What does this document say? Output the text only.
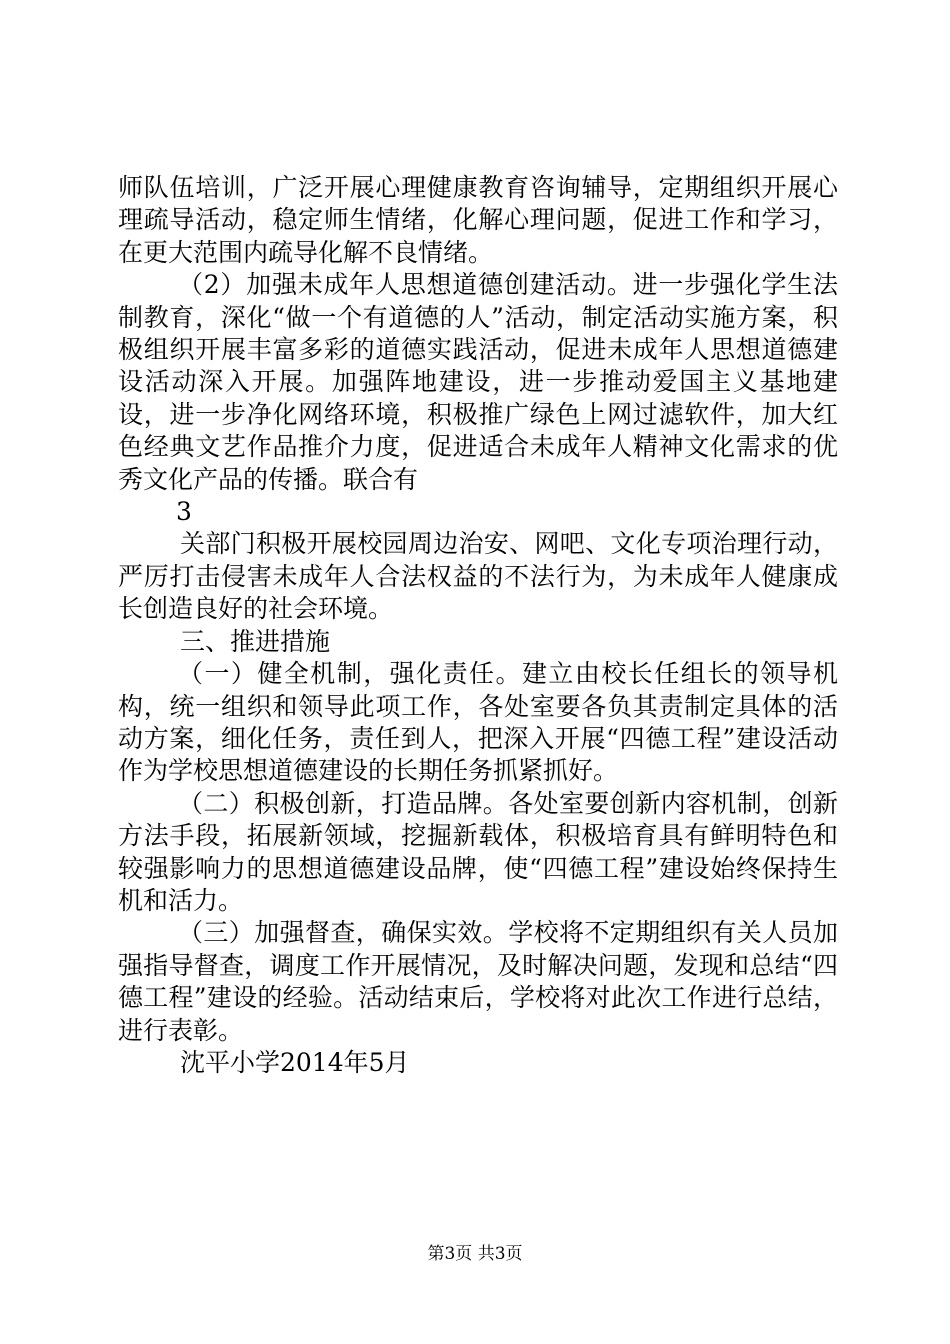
师队伍培训，广泛开展心理健康教育咨询辅导，定期组织开展心理疏导活动，稳定师生情绪，化解心理问题，促进工作和学习，在更大范围内疏导化解不良情绪。

（2）加强未成年人思想道德创建活动。进一步强化学生法制教育，深化“做一个有道德的人”活动，制定活动实施方案，积极组织开展丰富多彩的道德实践活动，促进未成年人思想道德建设活动深入开展。加强阵地建设，进一步推动爱国主义基地建设，进一步净化网络环境，积极推广绿色上网过滤软件，加大红色经典文艺作品推介力度，促进适合未成年人精神文化需求的优秀文化产品的传播。联合有

3

关部门积极开展校园周边治安、网吧、文化专项治理行动，严厉打击侵害未成年人合法权益的不法行为，为未成年人健康成长创造良好的社会环境。

三、推进措施

（一）健全机制，强化责任。建立由校长任组长的领导机构，统一组织和领导此项工作，各处室要各负其责制定具体的活动方案，细化任务，责任到人，把深入开展“四德工程”建设活动作为学校思想道德建设的长期任务抓紧抓好。

（二）积极创新，打造品牌。各处室要创新内容机制，创新方法手段，拓展新领域，挖掘新载体，积极培育具有鲜明特色和较强影响力的思想道德建设品牌，使“四德工程”建设始终保持生机和活力。

（三）加强督查，确保实效。学校将不定期组织有关人员加强指导督查，调度工作开展情况，及时解决问题，发现和总结“四德工程”建设的经验。活动结束后，学校将对此次工作进行总结，进行表彰。

沈平小学2014年5月

第3页 共3页
